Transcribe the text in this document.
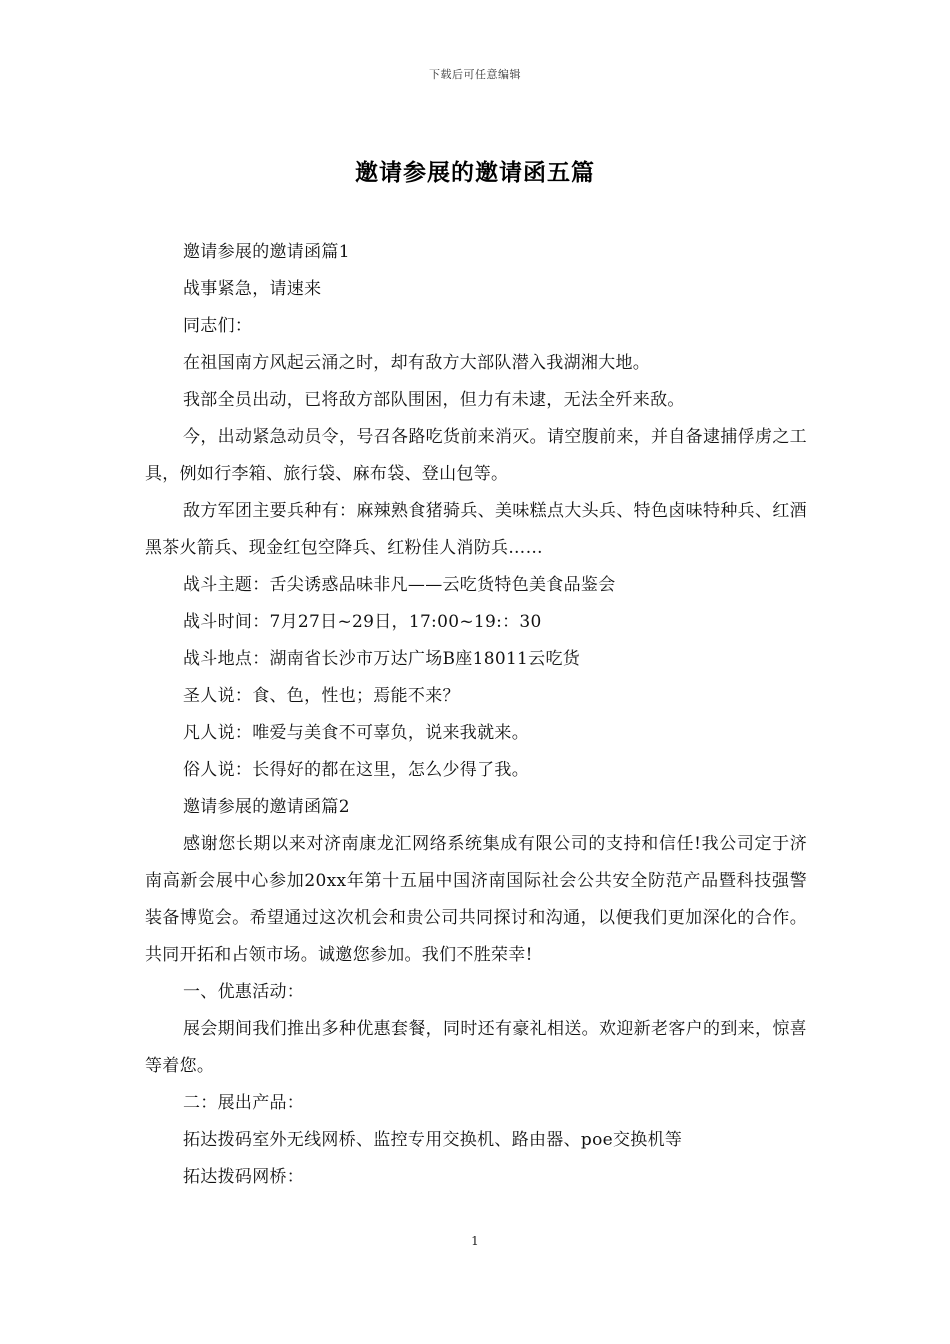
下载后可任意编辑
邀请参展的邀请函五篇

邀请参展的邀请函篇1

战事紧急，请速来

同志们：

在祖国南方风起云涌之时，却有敌方大部队潜入我湖湘大地。

我部全员出动，已将敌方部队围困，但力有未逮，无法全歼来敌。

今，出动紧急动员令，号召各路吃货前来消灭。请空腹前来，并自备逮捕俘虏之工具，例如行李箱、旅行袋、麻布袋、登山包等。

敌方军团主要兵种有：麻辣熟食猪骑兵、美味糕点大头兵、特色卤味特种兵、红酒黑茶火箭兵、现金红包空降兵、红粉佳人消防兵……

战斗主题：舌尖诱惑品味非凡——云吃货特色美食品鉴会

战斗时间：7月27日~29日，17:00~19:：30

战斗地点：湖南省长沙市万达广场B座18011云吃货

圣人说：食、色，性也；焉能不来？

凡人说：唯爱与美食不可辜负，说来我就来。

俗人说：长得好的都在这里，怎么少得了我。

邀请参展的邀请函篇2

感谢您长期以来对济南康龙汇网络系统集成有限公司的支持和信任!我公司定于济南高新会展中心参加20xx年第十五届中国济南国际社会公共安全防范产品暨科技强警装备博览会。希望通过这次机会和贵公司共同探讨和沟通，以便我们更加深化的合作。共同开拓和占领市场。诚邀您参加。我们不胜荣幸!

一、优惠活动：

展会期间我们推出多种优惠套餐，同时还有豪礼相送。欢迎新老客户的到来，惊喜等着您。

二：展出产品：

拓达拨码室外无线网桥、监控专用交换机、路由器、poe交换机等

拓达拨码网桥：

1
